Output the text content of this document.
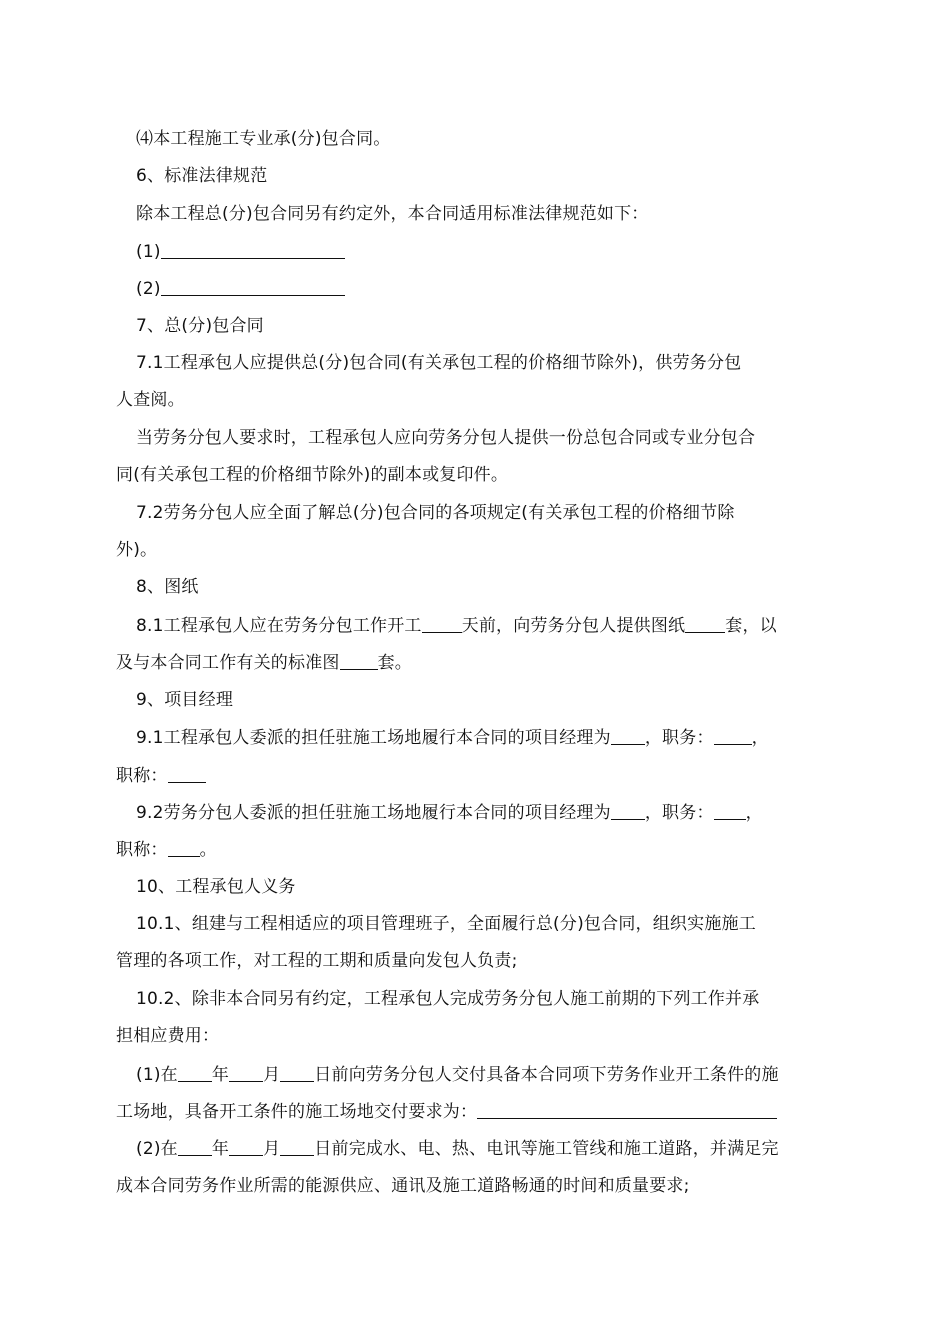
⑷本工程施工专业承(分)包合同。
6、标准法律规范
除本工程总(分)包合同另有约定外，本合同适用标准法律规范如下：
(1)
(2)
7、总(分)包合同
7.1工程承包人应提供总(分)包合同(有关承包工程的价格细节除外)，供劳务分包
人查阅。
当劳务分包人要求时，工程承包人应向劳务分包人提供一份总包合同或专业分包合
同(有关承包工程的价格细节除外)的副本或复印件。
7.2劳务分包人应全面了解总(分)包合同的各项规定(有关承包工程的价格细节除
外)。
8、图纸
8.1工程承包人应在劳务分包工作开工 天前，向劳务分包人提供图纸 套，以
及与本合同工作有关的标准图 套。
9、项目经理
9.1工程承包人委派的担任驻施工场地履行本合同的项目经理为 ，职务： ，
职称：
9.2劳务分包人委派的担任驻施工场地履行本合同的项目经理为 ，职务： ，
职称： 。
10、工程承包人义务
10.1、组建与工程相适应的项目管理班子，全面履行总(分)包合同，组织实施施工
管理的各项工作，对工程的工期和质量向发包人负责;
10.2、除非本合同另有约定，工程承包人完成劳务分包人施工前期的下列工作并承
担相应费用：
(1)在 年 月 日前向劳务分包人交付具备本合同项下劳务作业开工条件的施
工场地，具备开工条件的施工场地交付要求为：
(2)在 年 月 日前完成水、电、热、电讯等施工管线和施工道路，并满足完
成本合同劳务作业所需的能源供应、通讯及施工道路畅通的时间和质量要求;
